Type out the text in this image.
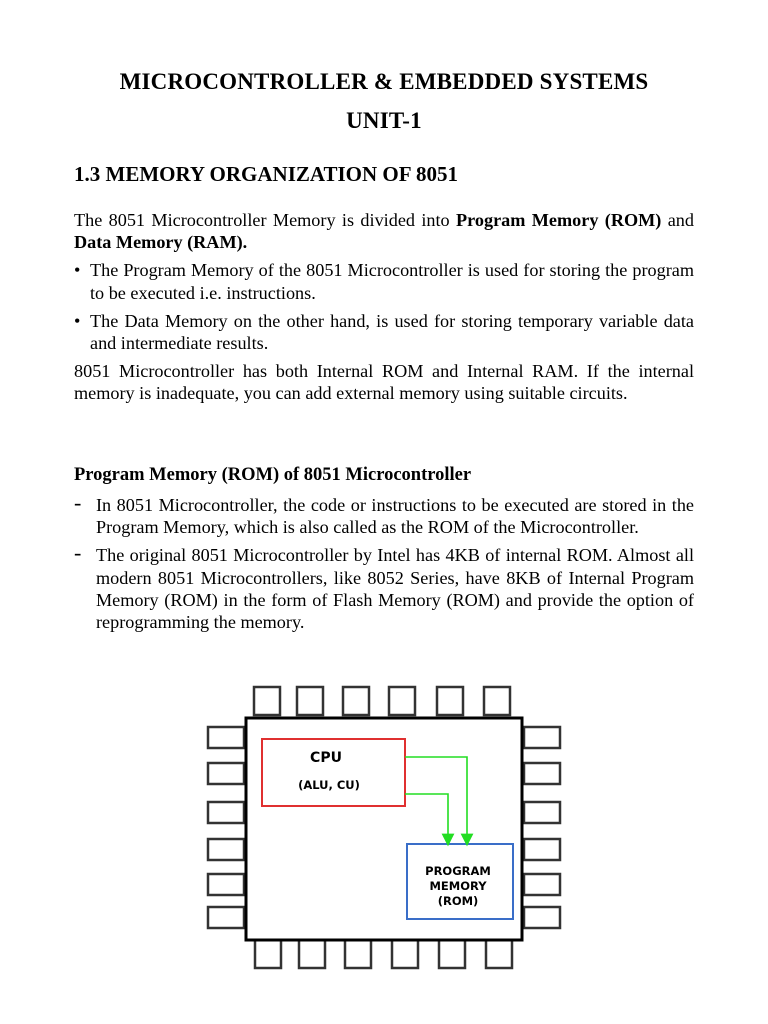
MICROCONTROLLER & EMBEDDED SYSTEMS
UNIT-1
1.3 MEMORY ORGANIZATION OF 8051

The 8051 Microcontroller Memory is divided into Program Memory (ROM) and Data Memory (RAM).

• The Program Memory of the 8051 Microcontroller is used for storing the program to be executed i.e. instructions.
• The Data Memory on the other hand, is used for storing temporary variable data and intermediate results.

8051 Microcontroller has both Internal ROM and Internal RAM. If the internal memory is inadequate, you can add external memory using suitable circuits.

Program Memory (ROM) of 8051 Microcontroller
- In 8051 Microcontroller, the code or instructions to be executed are stored in the Program Memory, which is also called as the ROM of the Microcontroller.
- The original 8051 Microcontroller by Intel has 4KB of internal ROM. Almost all modern 8051 Microcontrollers, like 8052 Series, have 8KB of Internal Program Memory (ROM) in the form of Flash Memory (ROM) and provide the option of reprogramming the memory.
CPU
(ALU, CU)
PROGRAM
MEMORY
(ROM)
